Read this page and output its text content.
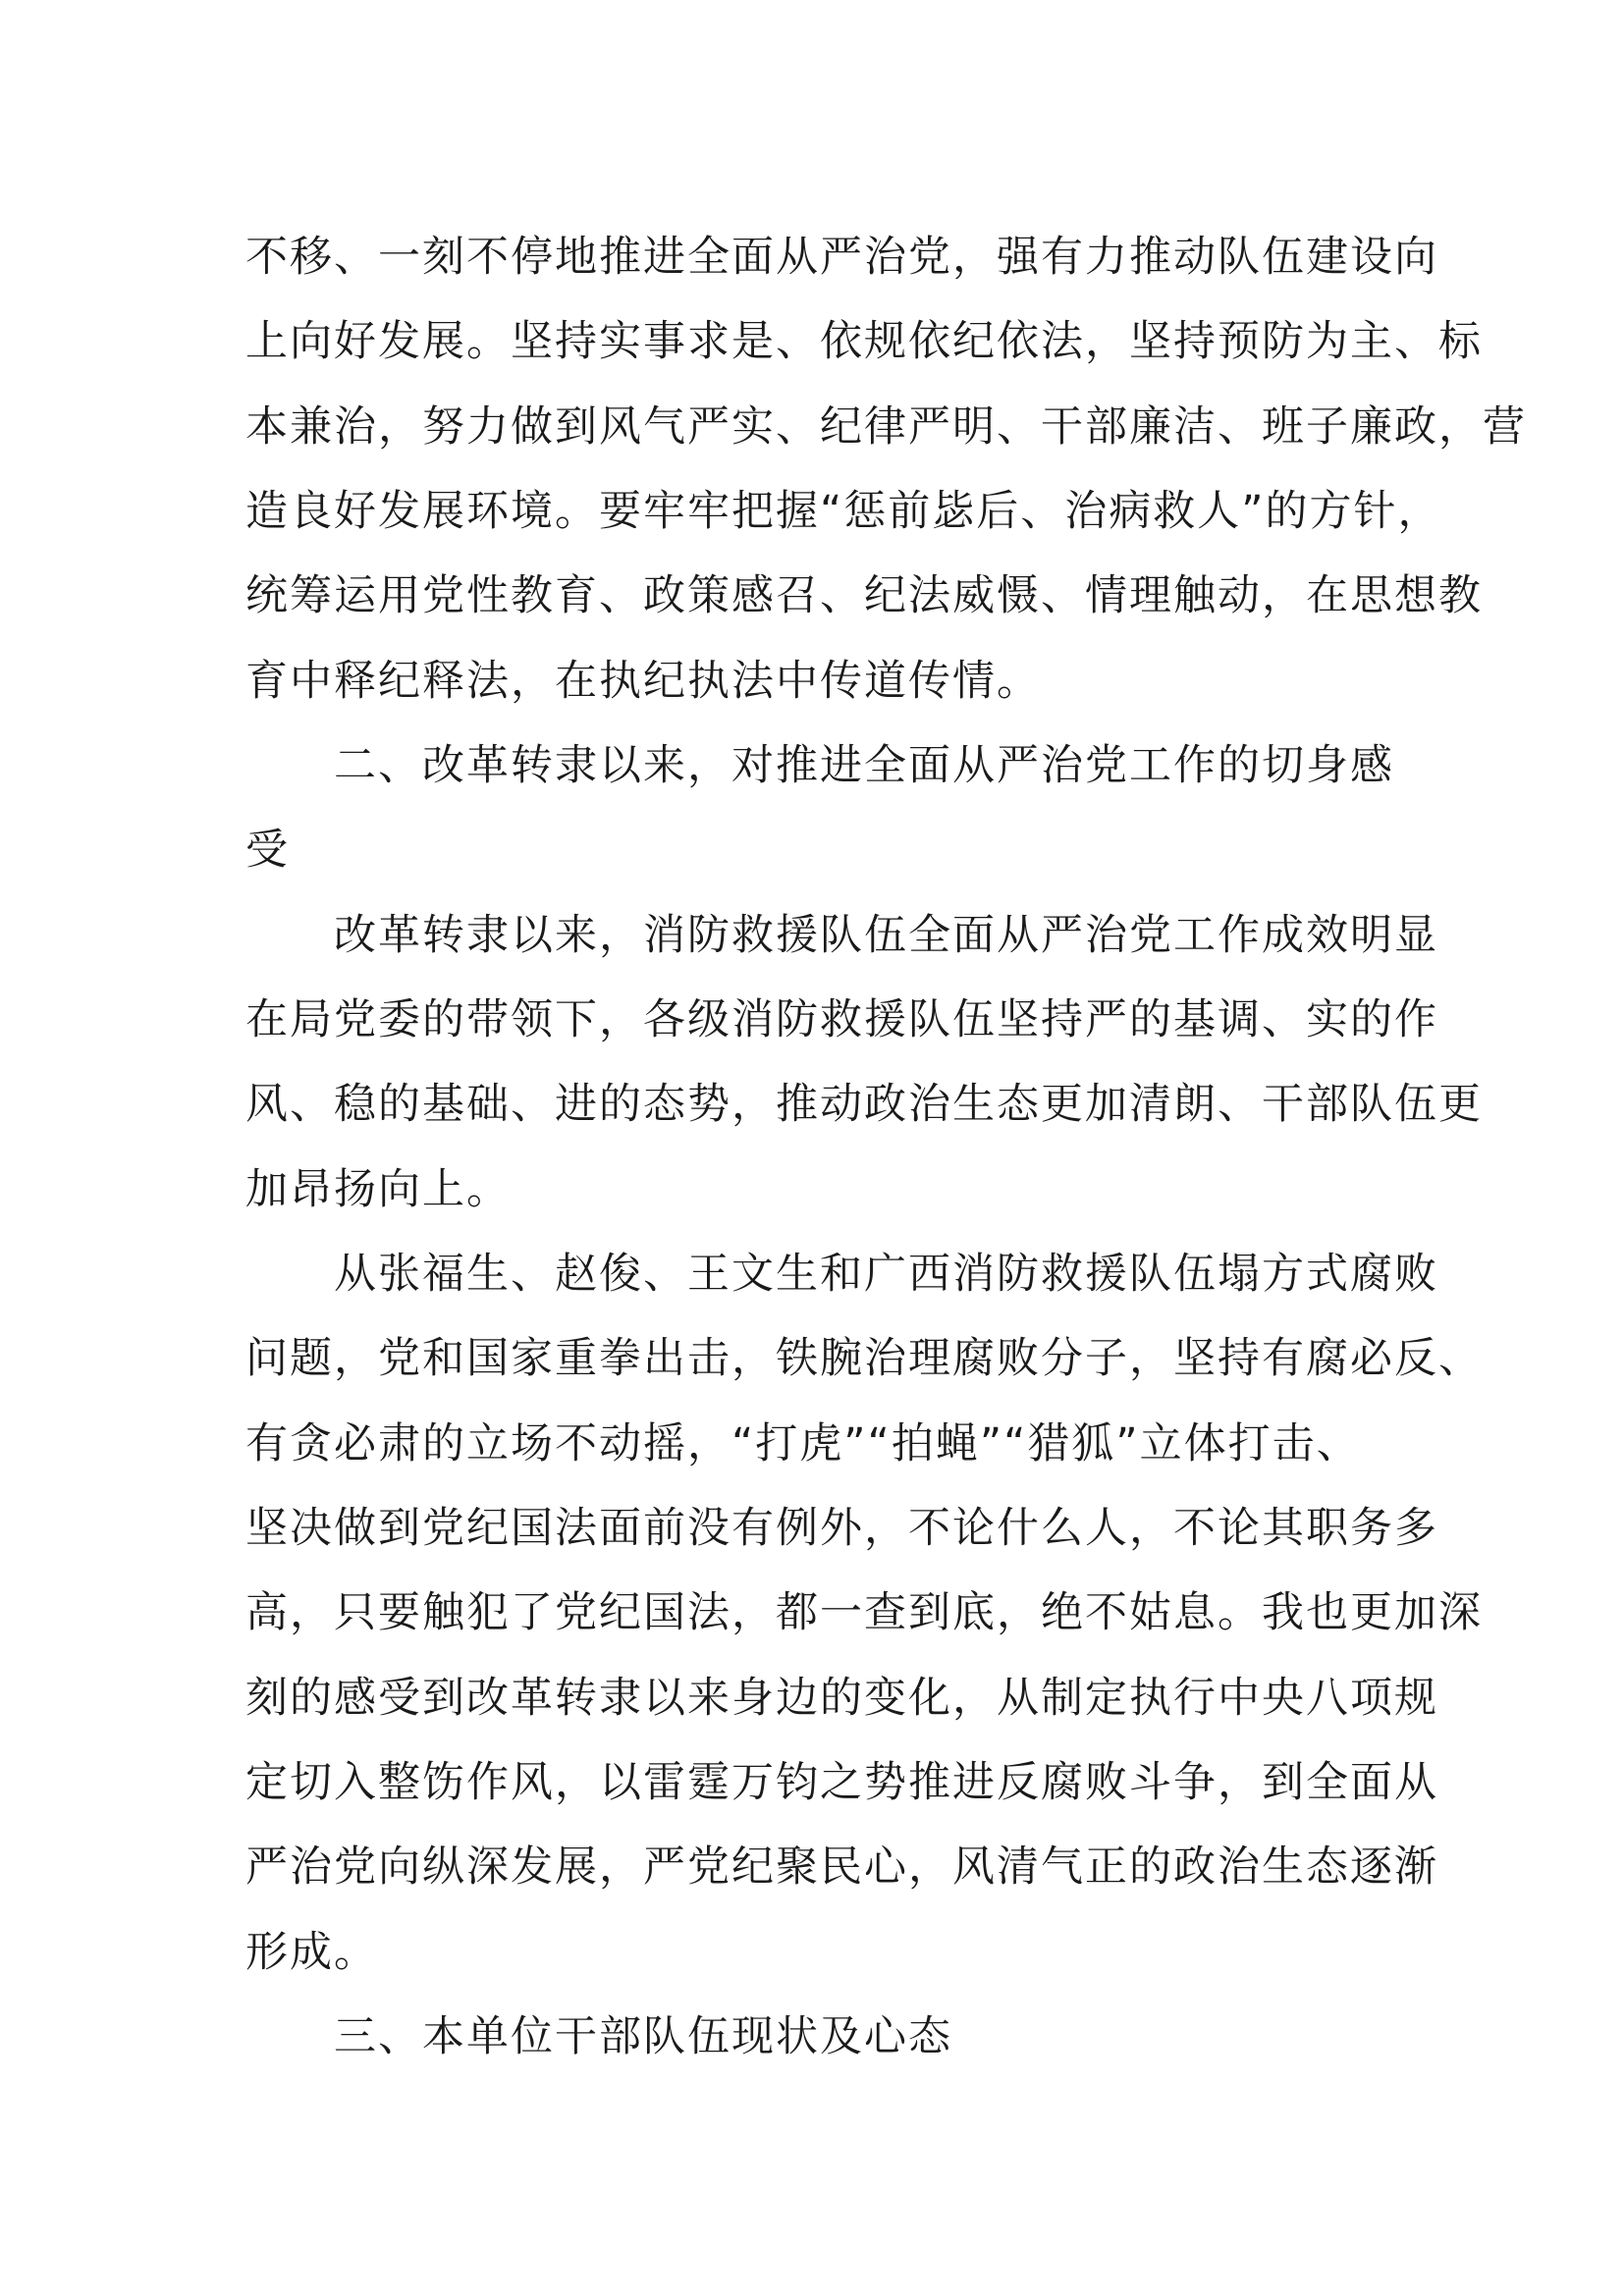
不移、一刻不停地推进全面从严治党，强有力推动队伍建设向

上向好发展。坚持实事求是、依规依纪依法，坚持预防为主、标

本兼治，努力做到风气严实、纪律严明、干部廉洁、班子廉政，营

造良好发展环境。要牢牢把握“惩前毖后、治病救人”的方针，

统筹运用党性教育、政策感召、纪法威慑、情理触动，在思想教

育中释纪释法，在执纪执法中传道传情。

二、改革转隶以来，对推进全面从严治党工作的切身感

受

改革转隶以来，消防救援队伍全面从严治党工作成效明显

在局党委的带领下，各级消防救援队伍坚持严的基调、实的作

风、稳的基础、进的态势，推动政治生态更加清朗、干部队伍更

加昂扬向上。

从张福生、赵俊、王文生和广西消防救援队伍塌方式腐败

问题，党和国家重拳出击，铁腕治理腐败分子，坚持有腐必反、

有贪必肃的立场不动摇，“打虎”“拍蝇”“猎狐”立体打击、

坚决做到党纪国法面前没有例外，不论什么人，不论其职务多

高，只要触犯了党纪国法，都一查到底，绝不姑息。我也更加深

刻的感受到改革转隶以来身边的变化，从制定执行中央八项规

定切入整饬作风，以雷霆万钧之势推进反腐败斗争，到全面从

严治党向纵深发展，严党纪聚民心，风清气正的政治生态逐渐

形成。

三、本单位干部队伍现状及心态
